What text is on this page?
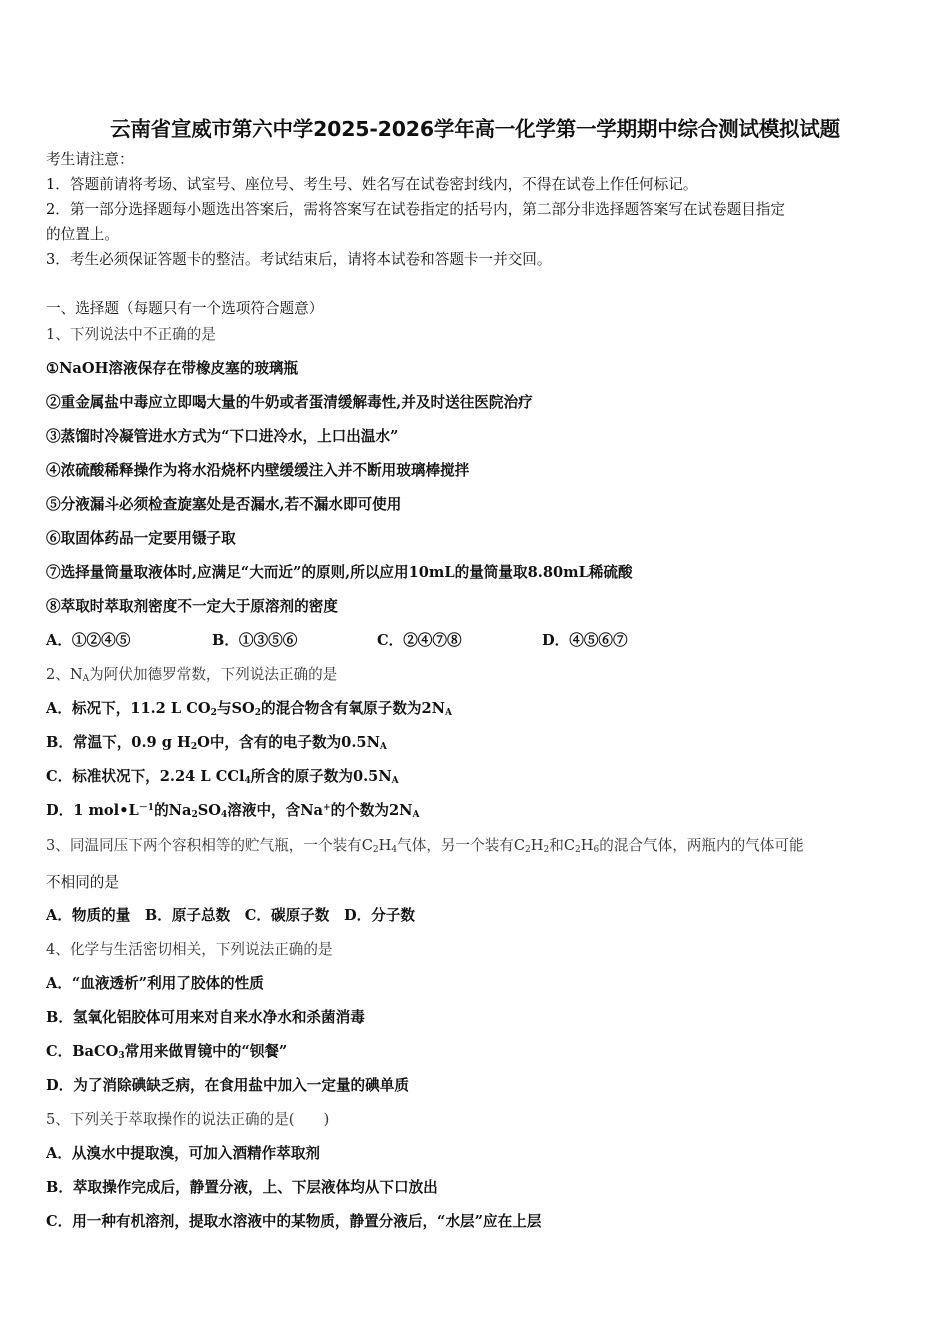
云南省宣威市第六中学2025-2026学年高一化学第一学期期中综合测试模拟试题
考生请注意：
1．答题前请将考场、试室号、座位号、考生号、姓名写在试卷密封线内，不得在试卷上作任何标记。
2．第一部分选择题每小题选出答案后，需将答案写在试卷指定的括号内，第二部分非选择题答案写在试卷题目指定
的位置上。
3．考生必须保证答题卡的整洁。考试结束后，请将本试卷和答题卡一并交回。
一、选择题（每题只有一个选项符合题意）
1、下列说法中不正确的是
①NaOH溶液保存在带橡皮塞的玻璃瓶
②重金属盐中毒应立即喝大量的牛奶或者蛋清缓解毒性,并及时送往医院治疗
③蒸馏时冷凝管进水方式为“下口进冷水，上口出温水”
④浓硫酸稀释操作为将水沿烧杯内壁缓缓注入并不断用玻璃棒搅拌
⑤分液漏斗必须检查旋塞处是否漏水,若不漏水即可使用
⑥取固体药品一定要用镊子取
⑦选择量筒量取液体时,应满足“大而近”的原则,所以应用10mL的量筒量取8.80mL稀硫酸
⑧萃取时萃取剂密度不一定大于原溶剂的密度
A．①②④⑤	B．①③⑤⑥	C．②④⑦⑧	D．④⑤⑥⑦
2、$N_A$为阿伏加德罗常数，下列说法正确的是
A．标况下，11.2 L $CO_2$与$SO_2$的混合物含有氧原子数为$2N_A$
B．常温下，0.9 g $H_2O$中，含有的电子数为$0.5N_A$
C．标准状况下，2.24 L CCl$_4$所含的原子数为$0.5N_A$
D．1 $mol•L^{-1}$的$Na_2SO_4$溶液中，含Na+的个数为$2N_A$
3、同温同压下两个容积相等的贮气瓶，一个装有$C_2H_4$气体，另一个装有$C_2H_2$和$C_2H_6$的混合气体，两瓶内的气体可能
不相同的是
A．物质的量　B．原子总数　C．碳原子数　D．分子数
4、化学与生活密切相关，下列说法正确的是
A．“血液透析”利用了胶体的性质
B．氢氧化铝胶体可用来对自来水净水和杀菌消毒
C．BaCO$_3$常用来做胃镜中的“钡餐”
D．为了消除碘缺乏病，在食用盐中加入一定量的碘单质
5、下列关于萃取操作的说法正确的是(　　)
A．从溴水中提取溴，可加入酒精作萃取剂
B．萃取操作完成后，静置分液，上、下层液体均从下口放出
C．用一种有机溶剂，提取水溶液中的某物质，静置分液后，“水层”应在上层
